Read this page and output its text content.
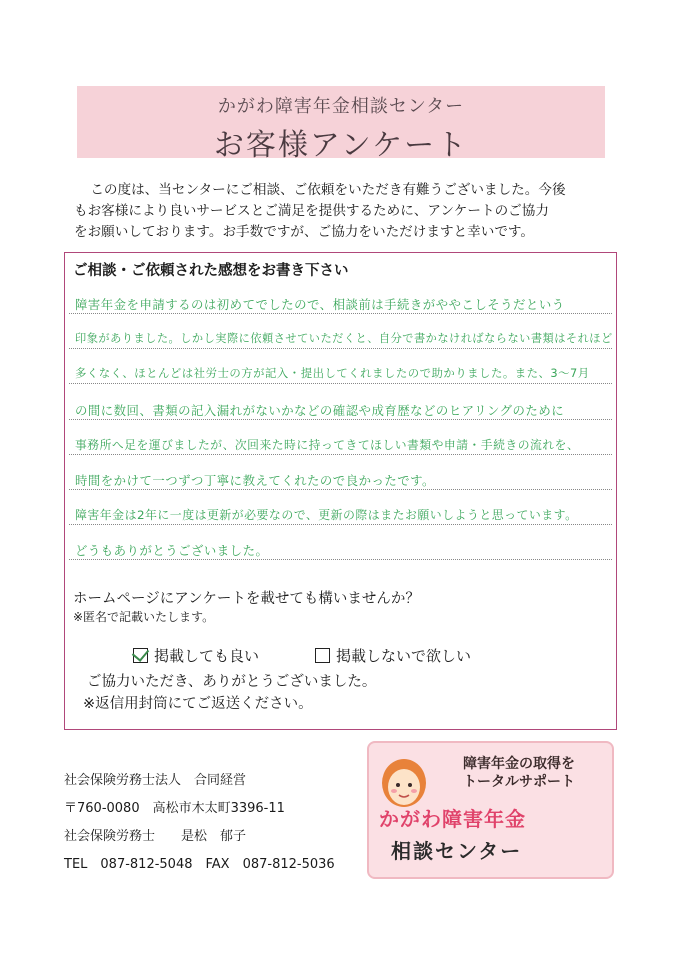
かがわ障害年金相談センター
お客様アンケート

この度は、当センターにご相談、ご依頼をいただき有難うございました。今後

もお客様により良いサービスとご満足を提供するために、アンケートのご協力

をお願いしております。お手数ですが、ご協力をいただけますと幸いです。

ご相談・ご依頼された感想をお書き下さい
障害年金を申請するのは初めてでしたので、相談前は手続きがややこしそうだという
印象がありました。しかし実際に依頼させていただくと、自分で書かなければならない書類はそれほど
多くなく、ほとんどは社労士の方が記入・提出してくれましたので助かりました。また、3〜7月
の間に数回、書類の記入漏れがないかなどの確認や成育歴などのヒアリングのために
事務所へ足を運びましたが、次回来た時に持ってきてほしい書類や申請・手続きの流れを、
時間をかけて一つずつ丁寧に教えてくれたので良かったです。
障害年金は2年に一度は更新が必要なので、更新の際はまたお願いしようと思っています。
どうもありがとうございました。
ホームページにアンケートを載せても構いませんか？
※匿名で記載いたします。
掲載しても良い	掲載しないで欲しい

ご協力いただき、ありがとうございました。

※返信用封筒にてご返送ください。

社会保険労務士法人　合同経営
〒760-0080　高松市木太町3396-11
社会保険労務士　　是松　郁子
TEL　087-812-5048　FAX　087-812-5036
障害年金の取得を
トータルサポート
かがわ障害年金
相談センター
